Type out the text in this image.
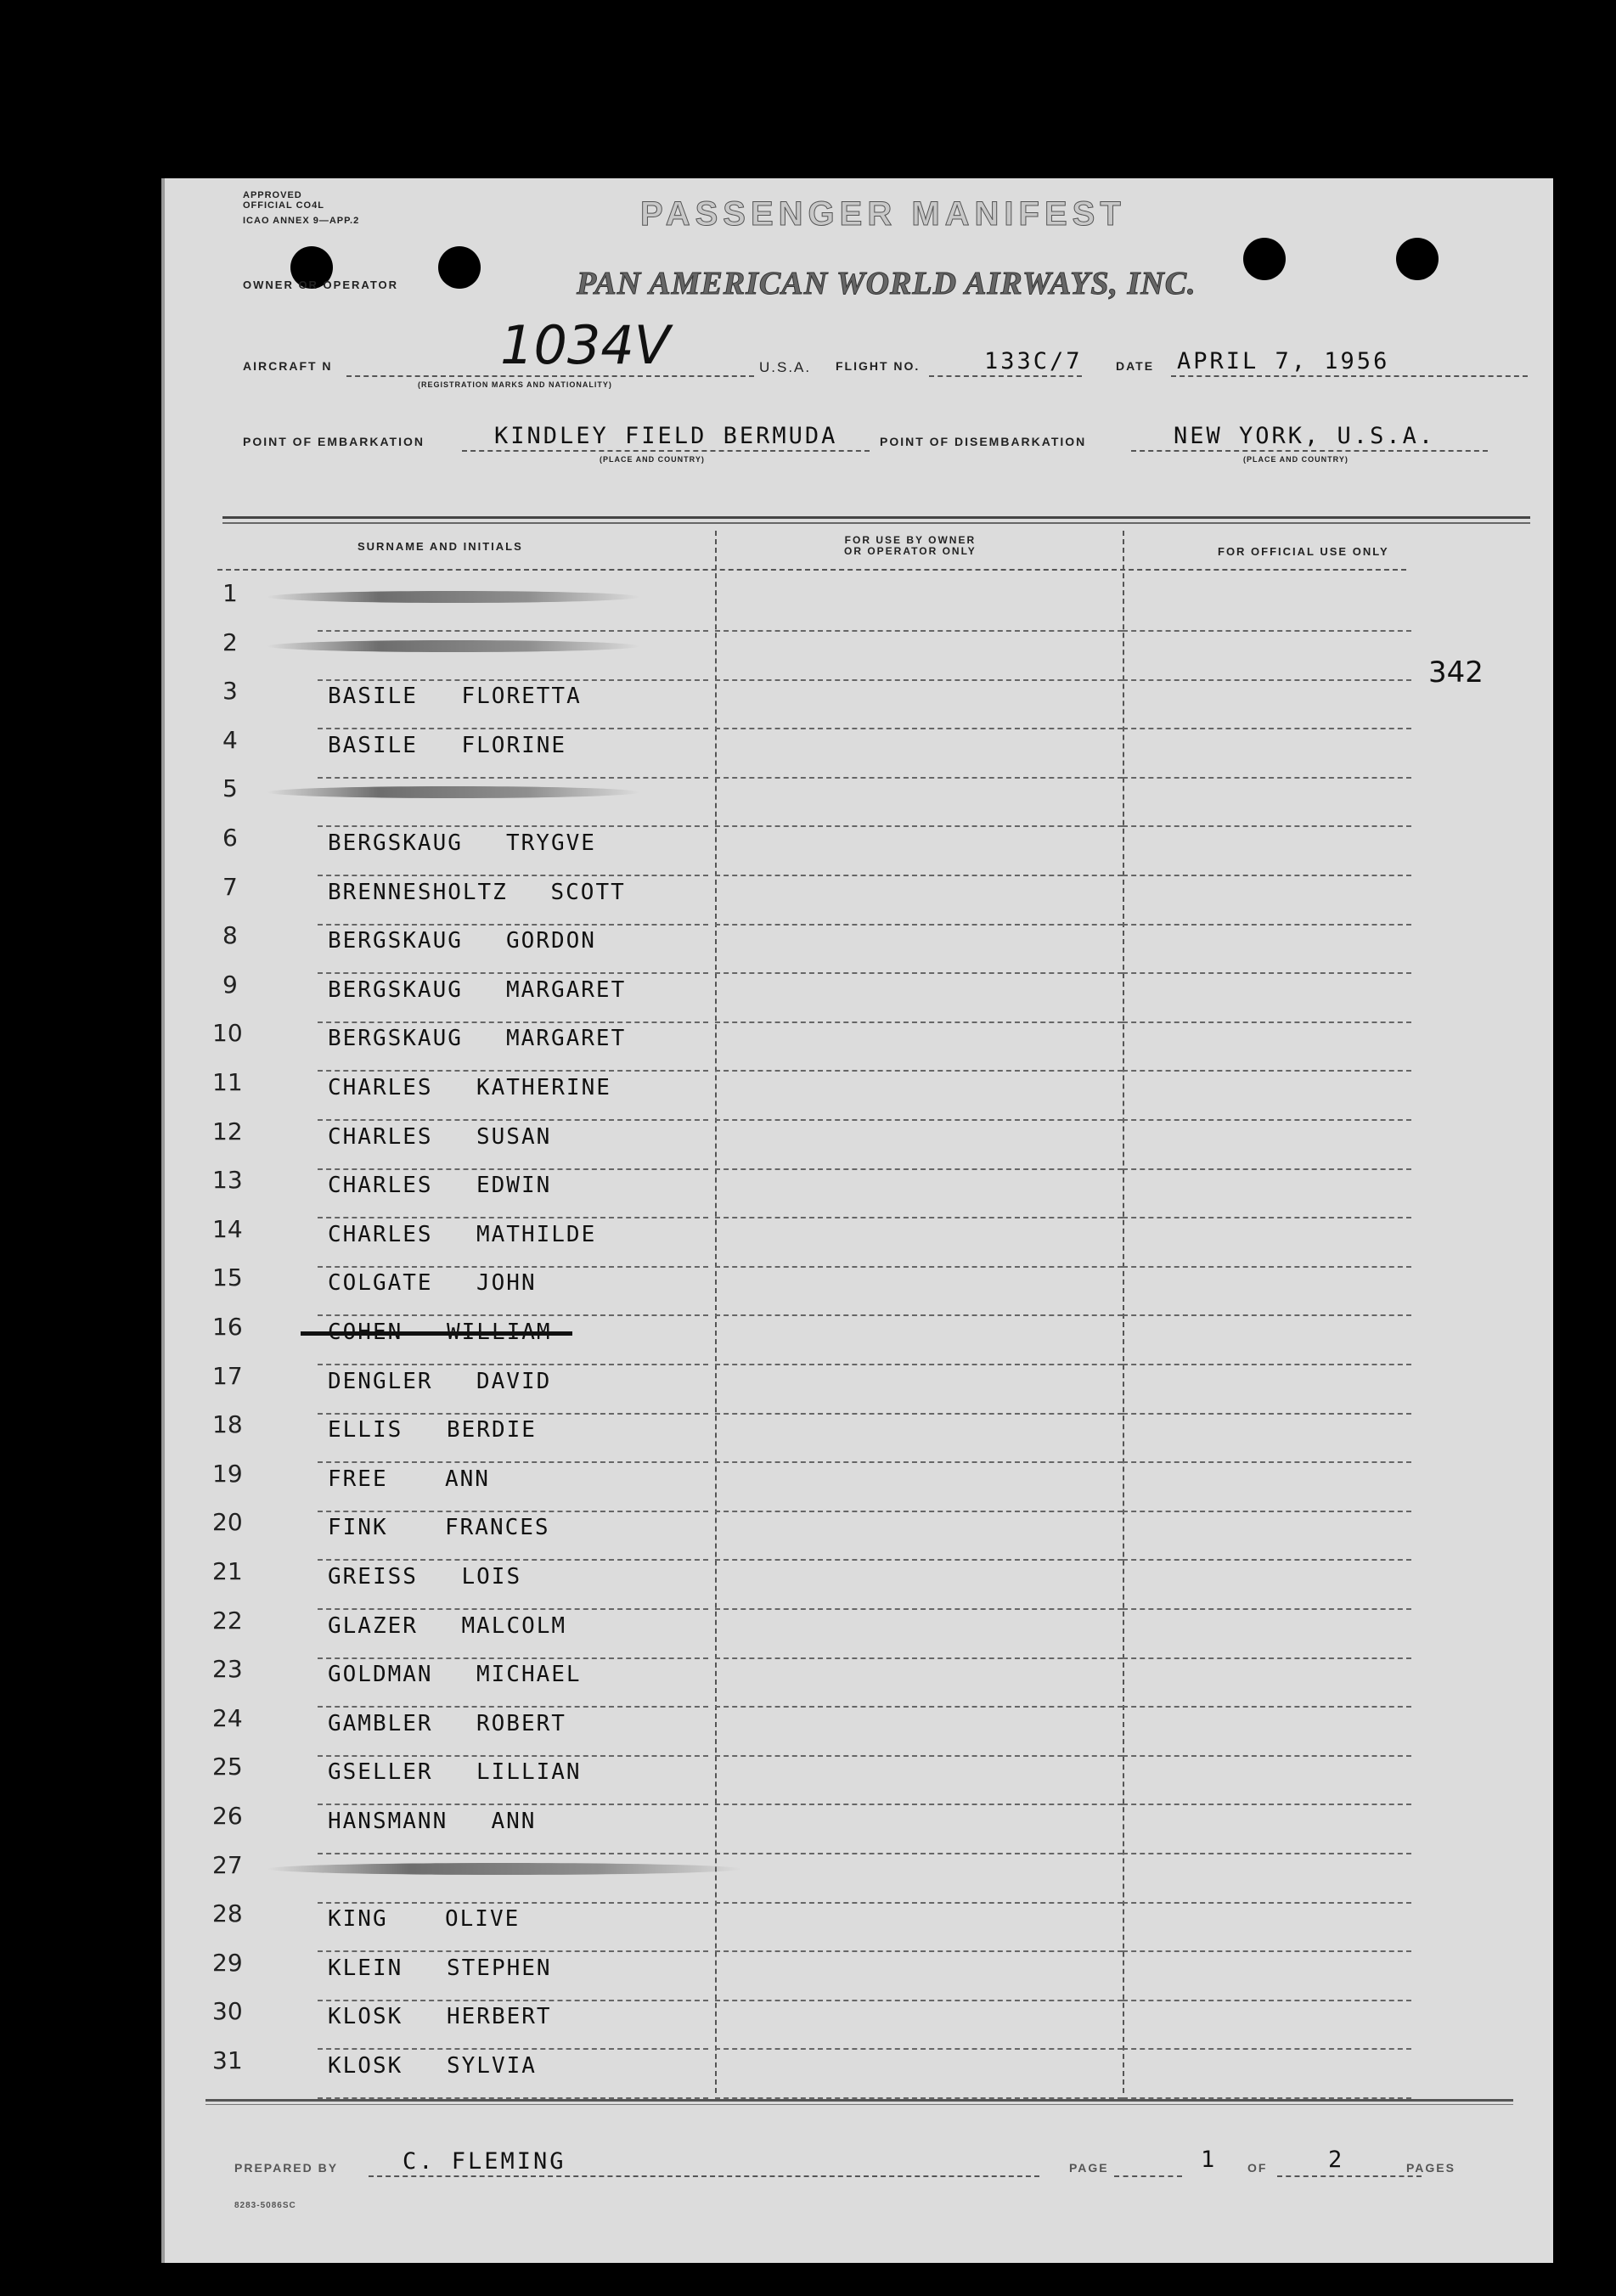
APPROVED
OFFICIAL CO4L
ICAO ANNEX 9—APP.2	PASSENGER MANIFEST
OWNER OR OPERATOR	PAN AMERICAN WORLD AIRWAYS, INC.
AIRCRAFT N	1034V
(REGISTRATION MARKS AND NATIONALITY)
U.S.A. FLIGHT NO.	133C/7	DATE APRIL 7, 1956
POINT OF EMBARKATION	KINDLEY FIELD BERMUDA
(PLACE AND COUNTRY)
POINT OF DISEMBARKATION	NEW YORK, U.S.A.
(PLACE AND COUNTRY)
SURNAME AND INITIALS	FOR USE BY OWNER
OR OPERATOR ONLY	FOR OFFICIAL USE ONLY
342
1
2
3	BASILE FLORETTA
4	BASILE FLORINE
5
6	BERGSKAUG TRYGVE
7	BRENNESHOLTZ SCOTT
8	BERGSKAUG GORDON
9	BERGSKAUG MARGARET
10	BERGSKAUG MARGARET
11	CHARLES KATHERINE
12	CHARLES SUSAN
13	CHARLES EDWIN
14	CHARLES MATHILDE
15	COLGATE JOHN
16	COHEN WILLIAM
17	DENGLER DAVID
18	ELLIS BERDIE
19	FREE	ANN
20	FINK	FRANCES
21	GREISS LOIS
22	GLAZER MALCOLM
23	GOLDMAN MICHAEL
24	GAMBLER ROBERT
25	GSELLER LILLIAN
26	HANSMANN ANN
27
28	KING	OLIVE
29	KLEIN STEPHEN
30	KLOSK HERBERT
31	KLOSK SYLVIA
PREPARED BY	C. FLEMING	PAGE	1	OF	2	PAGES
8283-5086SC
